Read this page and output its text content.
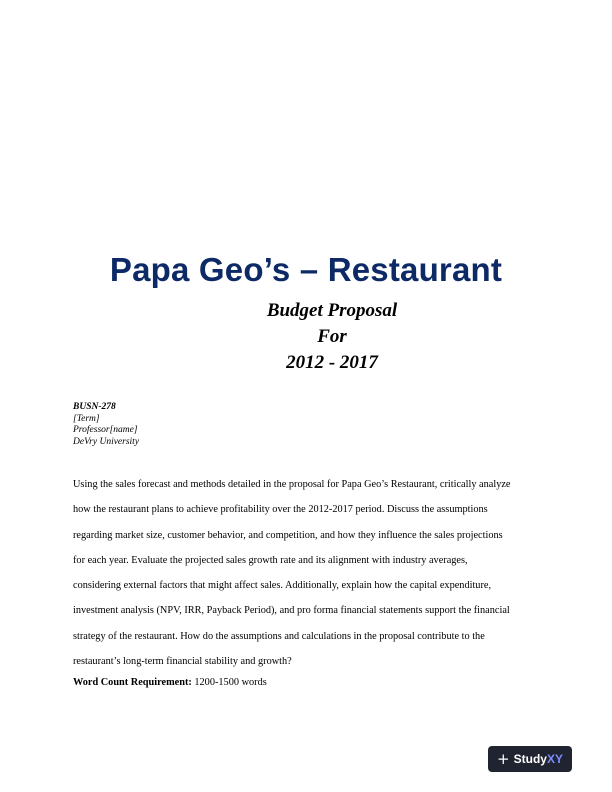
Papa Geo’s – Restaurant
Budget Proposal
For
2012 - 2017
BUSN-278
[Term]
Professor[name]
DeVry University

Using the sales forecast and methods detailed in the proposal for Papa Geo’s Restaurant, critically analyze

how the restaurant plans to achieve profitability over the 2012-2017 period. Discuss the assumptions

regarding market size, customer behavior, and competition, and how they influence the sales projections

for each year. Evaluate the projected sales growth rate and its alignment with industry averages,

considering external factors that might affect sales. Additionally, explain how the capital expenditure,

investment analysis (NPV, IRR, Payback Period), and pro forma financial statements support the financial

strategy of the restaurant. How do the assumptions and calculations in the proposal contribute to the

restaurant’s long-term financial stability and growth?

Word Count Requirement: 1200-1500 words
+ StudyXY
